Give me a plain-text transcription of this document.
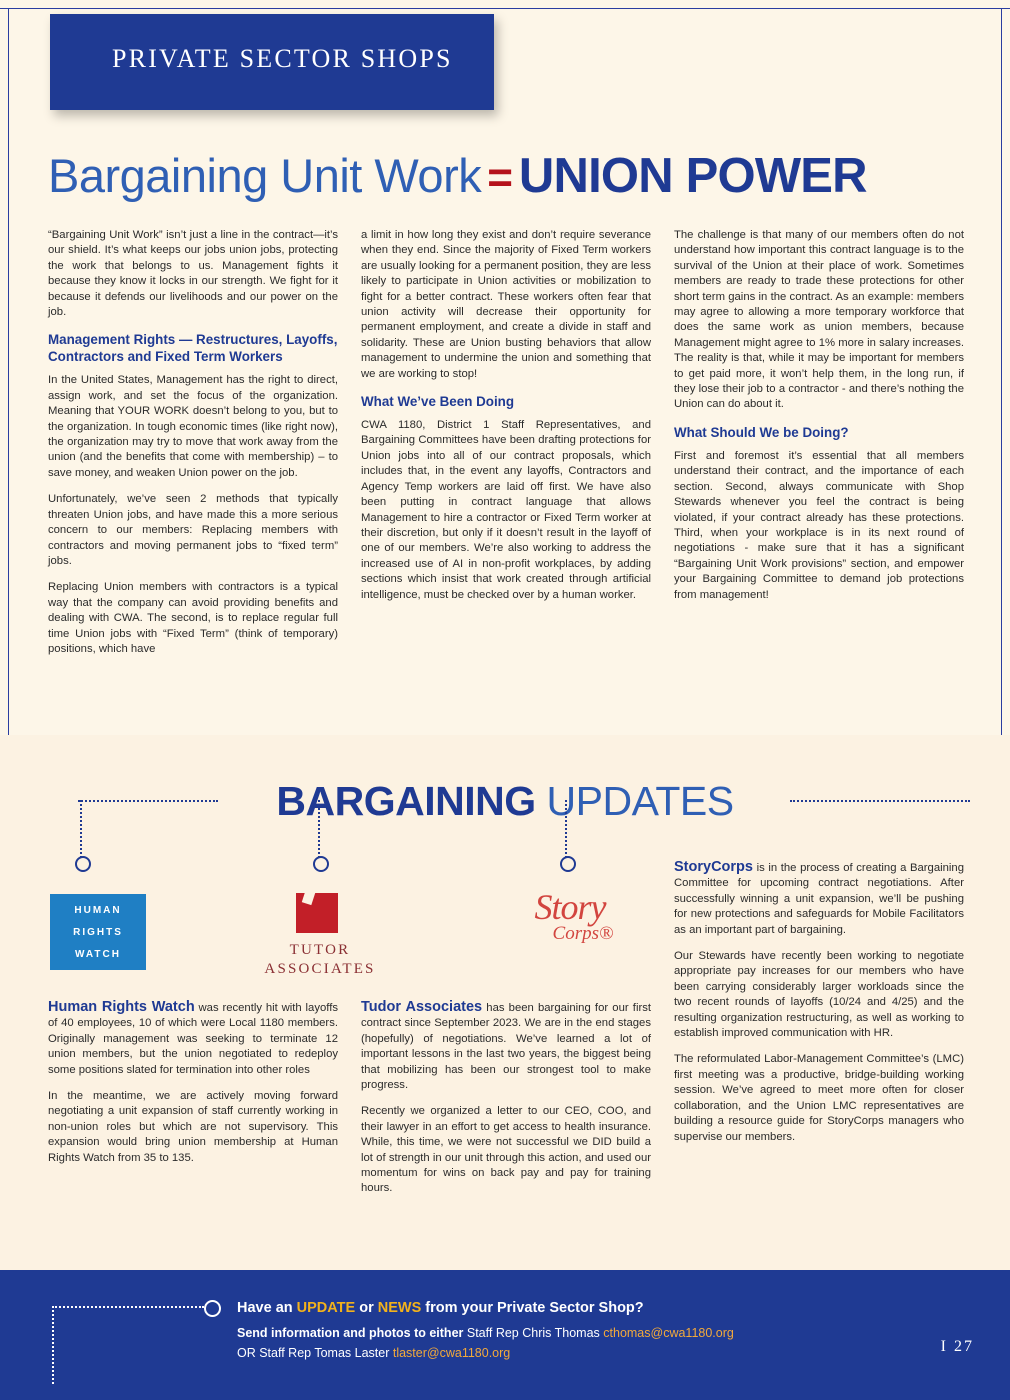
PRIVATE SECTOR SHOPS
Bargaining Unit Work = UNION POWER

“Bargaining Unit Work” isn’t just a line in the contract—it’s our shield. It’s what keeps our jobs union jobs, protecting the work that belongs to us. Management fights it because they know it locks in our strength. We fight for it because it defends our livelihoods and our power on the job.

Management Rights — Restructures, Layoffs, Contractors and Fixed Term Workers

In the United States, Management has the right to direct, assign work, and set the focus of the organization. Meaning that YOUR WORK doesn’t belong to you, but to the organization. In tough economic times (like right now), the organization may try to move that work away from the union (and the benefits that come with membership) – to save money, and weaken Union power on the job.

Unfortunately, we’ve seen 2 methods that typically threaten Union jobs, and have made this a more serious concern to our members: Replacing members with contractors and moving permanent jobs to “fixed term” jobs.

Replacing Union members with contractors is a typical way that the company can avoid providing benefits and dealing with CWA. The second, is to replace regular full time Union jobs with “Fixed Term” (think of temporary) positions, which have

a limit in how long they exist and don’t require severance when they end. Since the majority of Fixed Term workers are usually looking for a permanent position, they are less likely to participate in Union activities or mobilization to fight for a better contract. These workers often fear that union activity will decrease their opportunity for permanent employment, and create a divide in staff and solidarity. These are Union busting behaviors that allow management to undermine the union and something that we are working to stop!

What We’ve Been Doing

CWA 1180, District 1 Staff Representatives, and Bargaining Committees have been drafting protections for Union jobs into all of our contract proposals, which includes that, in the event any layoffs, Contractors and Agency Temp workers are laid off first. We have also been putting in contract language that allows Management to hire a contractor or Fixed Term worker at their discretion, but only if it doesn’t result in the layoff of one of our members. We’re also working to address the increased use of AI in non-profit workplaces, by adding sections which insist that work created through artificial intelligence, must be checked over by a human worker.

The challenge is that many of our members often do not understand how important this contract language is to the survival of the Union at their place of work. Sometimes members are ready to trade these protections for other short term gains in the contract. As an example: members may agree to allowing a more temporary workforce that does the same work as union members, because Management might agree to 1% more in salary increases. The reality is that, while it may be important for members to get paid more, it won’t help them, in the long run, if they lose their job to a contractor - and there’s nothing the Union can do about it.

What Should We be Doing?

First and foremost it’s essential that all members understand their contract, and the importance of each section. Second, always communicate with Shop Stewards whenever you feel the contract is being violated, if your contract already has these protections. Third, when your workplace is in its next round of negotiations - make sure that it has a significant “Bargaining Unit Work provisions” section, and empower your Bargaining Committee to demand job protections from management!

BARGAINING UPDATES
HUMAN
RIGHTS
WATCH	TUTOR
ASSOCIATES
Story
Corps®

Human Rights Watch was recently hit with layoffs of 40 employees, 10 of which were Local 1180 members. Originally management was seeking to terminate 12 union members, but the union negotiated to redeploy some positions slated for termination into other roles

In the meantime, we are actively moving forward negotiating a unit expansion of staff currently working in non-union roles but which are not supervisory. This expansion would bring union membership at Human Rights Watch from 35 to 135.

Tudor Associates has been bargaining for our first contract since September 2023. We are in the end stages (hopefully) of negotiations. We’ve learned a lot of important lessons in the last two years, the biggest being that mobilizing has been our strongest tool to make progress.

Recently we organized a letter to our CEO, COO, and their lawyer in an effort to get access to health insurance. While, this time, we were not successful we DID build a lot of strength in our unit through this action, and used our momentum for wins on back pay and pay for training hours.

StoryCorps is in the process of creating a Bargaining Committee for upcoming contract negotiations. After successfully winning a unit expansion, we’ll be pushing for new protections and safeguards for Mobile Facilitators as an important part of bargaining.

Our Stewards have recently been working to negotiate appropriate pay increases for our members who have been carrying considerably larger workloads since the two recent rounds of layoffs (10/24 and 4/25) and the resulting organization restructuring, as well as working to establish improved communication with HR.

The reformulated Labor-Management Committee’s (LMC) first meeting was a productive, bridge-building working session. We’ve agreed to meet more often for closer collaboration, and the Union LMC representatives are building a resource guide for StoryCorps managers who supervise our members.

Have an UPDATE or NEWS from your Private Sector Shop?
Send information and photos to either Staff Rep Chris Thomas cthomas@cwa1180.org
OR Staff Rep Tomas Laster tlaster@cwa1180.org	I 27
